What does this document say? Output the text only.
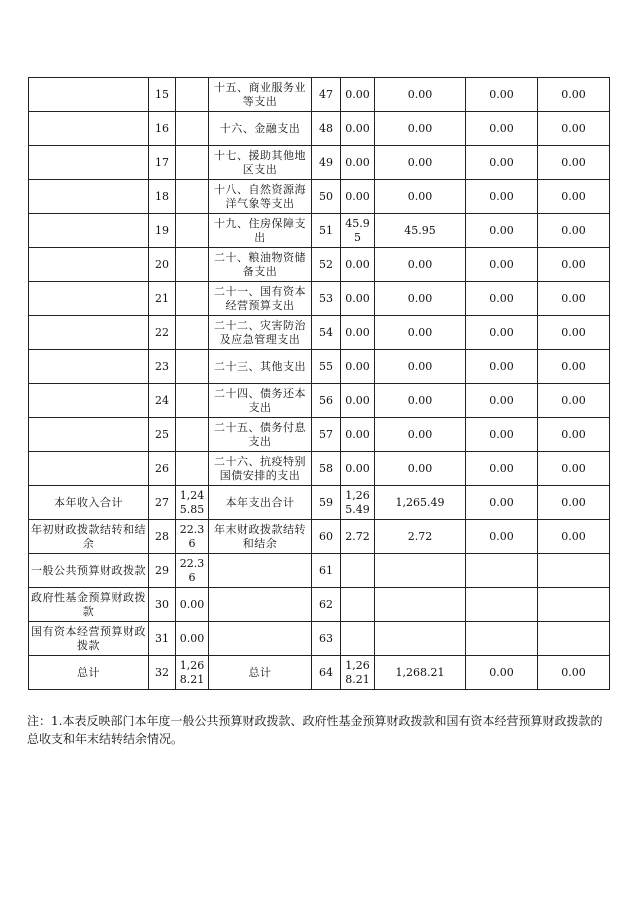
	15		十五、商业服务业等支出	47	0.00	0.00	0.00	0.00
	16		十六、金融支出	48	0.00	0.00	0.00	0.00
	17		十七、援助其他地区支出	49	0.00	0.00	0.00	0.00
	18		十八、自然资源海洋气象等支出	50	0.00	0.00	0.00	0.00
	19		十九、住房保障支出	51	45.95	45.95	0.00	0.00
	20		二十、粮油物资储备支出	52	0.00	0.00	0.00	0.00
	21		二十一、国有资本经营预算支出	53	0.00	0.00	0.00	0.00
	22		二十二、灾害防治及应急管理支出	54	0.00	0.00	0.00	0.00
	23		二十三、其他支出	55	0.00	0.00	0.00	0.00
	24		二十四、债务还本支出	56	0.00	0.00	0.00	0.00
	25		二十五、债务付息支出	57	0.00	0.00	0.00	0.00
	26		二十六、抗疫特别国债安排的支出	58	0.00	0.00	0.00	0.00
本年收入合计	27	1,245.85	本年支出合计	59	1,265.49	1,265.49	0.00	0.00
年初财政拨款结转和结余	28	22.36	年末财政拨款结转和结余	60	2.72	2.72	0.00	0.00
一般公共预算财政拨款	29	22.36		61				
政府性基金预算财政拨款	30	0.00		62				
国有资本经营预算财政拨款	31	0.00		63				
总计	32	1,268.21	总计	64	1,268.21	1,268.21	0.00	0.00
注：1.本表反映部门本年度一般公共预算财政拨款、政府性基金预算财政拨款和国有资本经营预算财政拨款的总收支和年末结转结余情况。
